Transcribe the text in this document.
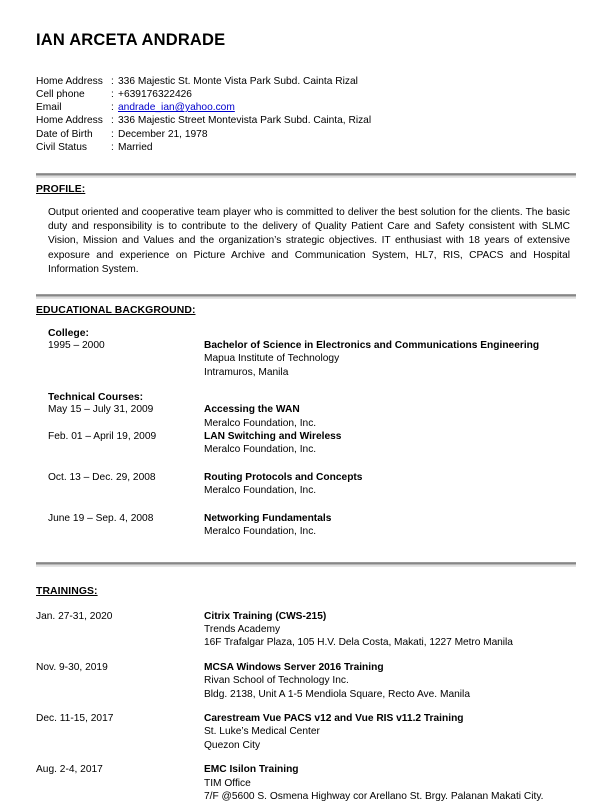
IAN ARCETA ANDRADE
Home Address : 336 Majestic St. Monte Vista Park Subd. Cainta Rizal
Cell phone	: +639176322426
Email	: andrade_ian@yahoo.com
Home Address : 336 Majestic Street Montevista Park Subd. Cainta, Rizal
Date of Birth	: December 21, 1978
Civil Status	: Married
PROFILE:
Output oriented and cooperative team player who is committed to deliver the best solution for the clients. The basic duty and responsibility is to contribute to the delivery of Quality Patient Care and Safety consistent with SLMC Vision, Mission and Values and the organization’s strategic objectives. IT enthusiast with 18 years of extensive exposure and experience on Picture Archive and Communication System, HL7, RIS, CPACS and Hospital Information System.
EDUCATIONAL BACKGROUND:
College:
1995 – 2000	Bachelor of Science in Electronics and Communications Engineering
Mapua Institute of Technology
Intramuros, Manila
Technical Courses:
May 15 – July 31, 2009	Accessing the WAN
Meralco Foundation, Inc.
Feb. 01 – April 19, 2009	LAN Switching and Wireless
Meralco Foundation, Inc.
Oct. 13 – Dec. 29, 2008	Routing Protocols and Concepts
Meralco Foundation, Inc.
June 19 – Sep. 4, 2008	Networking Fundamentals
Meralco Foundation, Inc.
TRAININGS:
Jan. 27-31, 2020	Citrix Training (CWS-215)
Trends Academy
16F Trafalgar Plaza, 105 H.V. Dela Costa, Makati, 1227 Metro Manila
Nov. 9-30, 2019	MCSA Windows Server 2016 Training
Rivan School of Technology Inc.
Bldg. 2138, Unit A 1-5 Mendiola Square, Recto Ave. Manila
Dec. 11-15, 2017	Carestream Vue PACS v12 and Vue RIS v11.2 Training
St. Luke’s Medical Center
Quezon City
Aug. 2-4, 2017	EMC Isilon Training
TIM Office
7/F @5600 S. Osmena Highway cor Arellano St. Brgy. Palanan Makati City.
